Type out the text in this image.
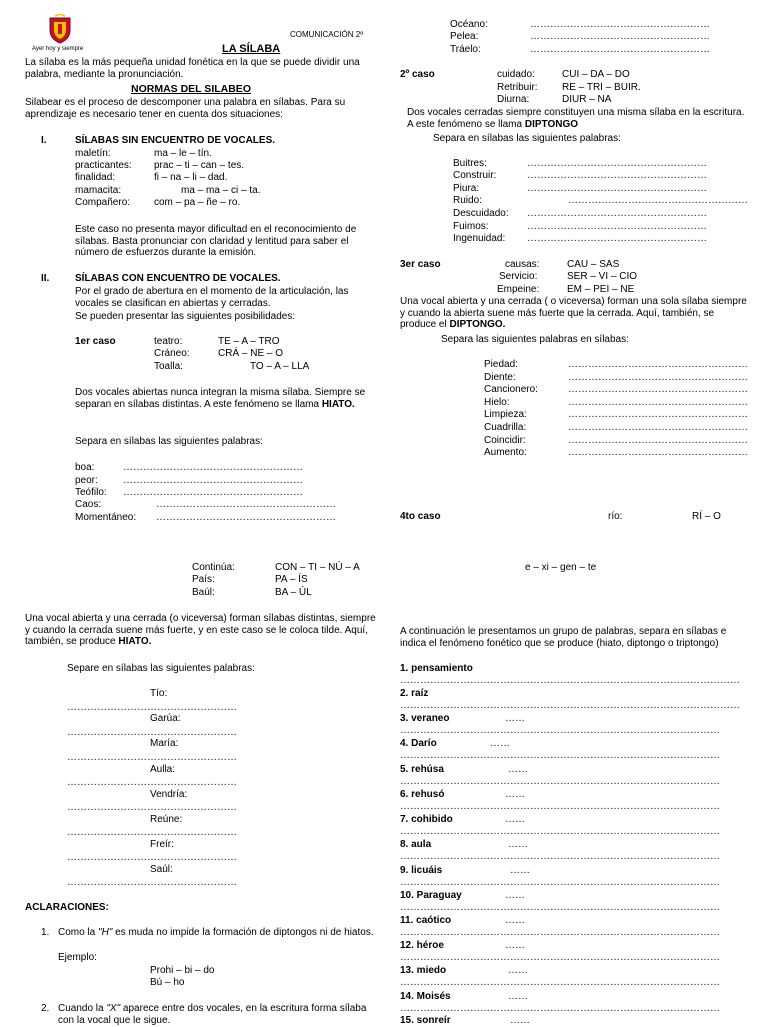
Ayer hoy y siempre
COMUNICACIÓN 2º
LA SÍLABA
La sílaba es la más pequeña unidad fonética en la que se puede dividir una palabra, mediante la pronunciación.
NORMAS DEL SILABEO
Silabear es el proceso de descomponer una palabra en sílabas. Para su aprendizaje es necesario tener en cuenta dos situaciones:
I.	SÍLABAS SIN ENCUENTRO DE VOCALES.
maletín:	ma – le – tín.
practicantes: prac – ti – can – tes.
finalidad:	fi – na – li – dad.
mamacita:	ma – ma – ci – ta.
Compañero: com – pa – ñe – ro.
Este caso no presenta mayor dificultad en el reconocimiento de sílabas. Basta pronunciar con claridad y lentitud para saber el número de esfuerzos durante la emisión.
II.	SÍLABAS CON ENCUENTRO DE VOCALES.
Por el grado de abertura en el momento de la articulación, las vocales se clasifican en abiertas y cerradas.
Se pueden presentar las siguientes posibilidades:
1er caso	teatro:	TE – A – TRO
Cráneo:	CRÁ – NE – O
Toalla:	TO – A – LLA
Dos vocales abiertas nunca integran la misma sílaba. Siempre se separan en sílabas distintas. A este fenómeno se llama HIATO.
Separa en sílabas las siguientes palabras:
boa:	………………………………………………
peor:	………………………………………………
Teófilo: ………………………………………………
Caos:	………………………………………………
Momentáneo: ………………………………………………
Continúa:	CON – TI – NÚ – A
País:	PA – ÍS
Baúl:	BA – ÚL
Una vocal abierta y una cerrada (o viceversa) forman sílabas distintas, siempre y cuando la cerrada suene más fuerte, y en este caso se le coloca tilde. Aquí, también, se produce HIATO.
Separe en sílabas las siguientes palabras:
Tío:
……………………………………………
Garúa:
……………………………………………
María:
……………………………………………
Aulla:
……………………………………………
Vendría:
……………………………………………
Reúne:
……………………………………………
Freír:
……………………………………………
Saúl:
……………………………………………
ACLARACIONES:
1. Como la "H" es muda no impide la formación de diptongos ni de hiatos.
Ejemplo:
Prohi – bi – do
Bú – ho
2. Cuando la "X" aparece entre dos vocales, en la escritura forma sílaba con la vocal que le sigue.
Océano:	………………………………………………
Pelea:	………………………………………………
Tráelo:	………………………………………………
2º caso	cuidado:	CUI – DA – DO
Retribuir: RE – TRI – BUIR.
Diurna:	DIUR – NA
Dos vocales cerradas siempre constituyen una misma sílaba en la escritura. A este fenómeno se llama DIPTONGO
Separa en sílabas las siguientes palabras:
Buitres:	………………………………………………
Construir:	………………………………………………
Piura:	………………………………………………
Ruido:	………………………………………………
Descuidado: ………………………………………………
Fuimos:	………………………………………………
Ingenuidad: ………………………………………………
3er caso	causas:	CAU – SAS
Servicio:	SER – VI – CIO
Empeine:	EM – PEI – NE
Una vocal abierta y una cerrada ( o viceversa) forman una sola sílaba siempre y cuando la abierta suene más fuerte que la cerrada. Aquí, también, se produce el DIPTONGO.
Separa las siguientes palabras en sílabas:
Piedad:	………………………………………………
Diente:	………………………………………………
Cancionero:	………………………………………………
Hielo:	………………………………………………
Limpieza:	………………………………………………
Cuadrilla:	………………………………………………
Coincidir:	………………………………………………
Aumento:	………………………………………………
4to caso	río:	RÍ – O
e – xi – gen – te
A continuación le presentamos un grupo de palabras, separa en sílabas e indica el fenómeno fonético que se produce (hiato, diptongo o triptongo)
1. pensamiento
…………………………………………………………………………………………
2. raíz
…………………………………………………………………………………………
3. veraneo	……
……………………………………………………………………………………
4. Darío	……
……………………………………………………………………………………
5. rehúsa	……
……………………………………………………………………………………
6. rehusó	……
……………………………………………………………………………………
7. cohibido	……
……………………………………………………………………………………
8. aula	……
……………………………………………………………………………………
9. licuáis	……
……………………………………………………………………………………
10. Paraguay	……
……………………………………………………………………………………
11. caótico	……
……………………………………………………………………………………
12. héroe	……
……………………………………………………………………………………
13. miedo	……
……………………………………………………………………………………
14. Moisés	……
……………………………………………………………………………………
15. sonreír	……
